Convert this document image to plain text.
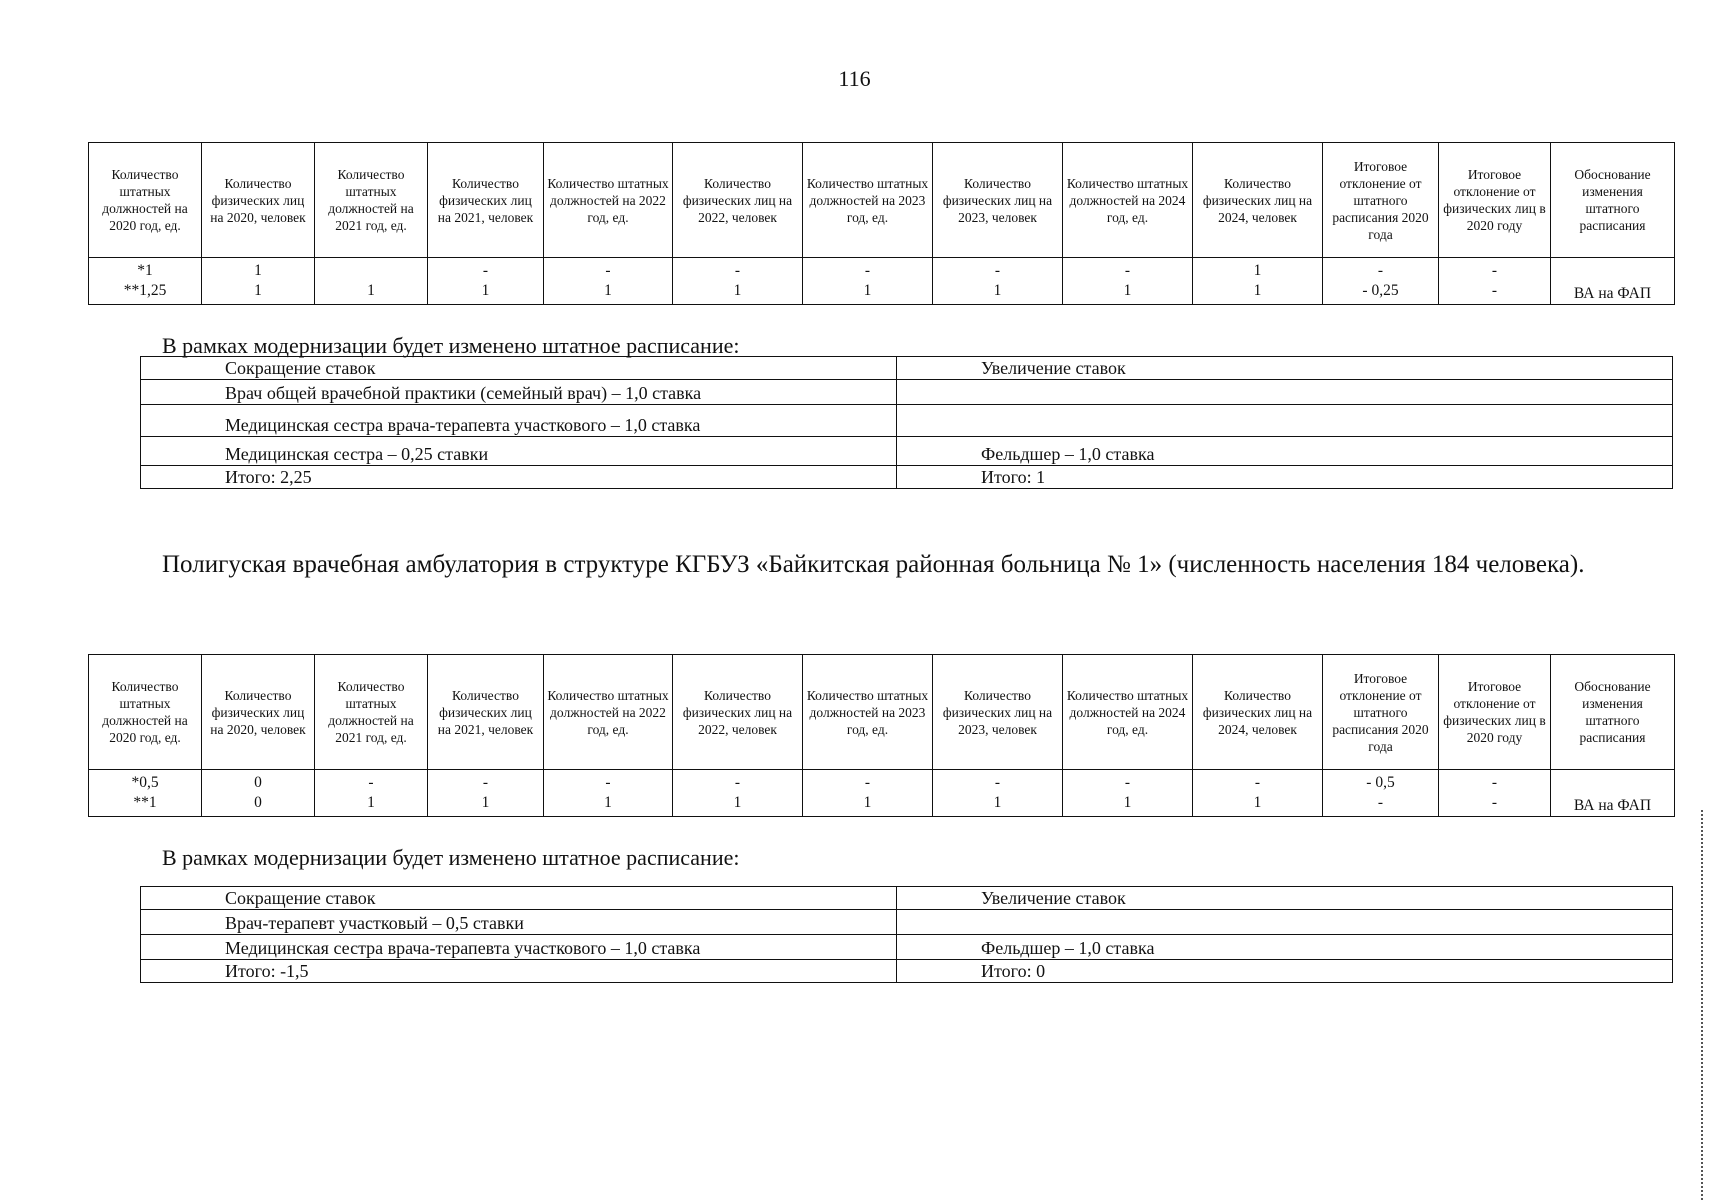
116
Количество штатных должностей на 2020 год, ед.	Количество физических лиц на 2020, человек	Количество штатных должностей на 2021 год, ед.	Количество физических лиц на 2021, человек	Количество штатных должностей на 2022 год, ед.	Количество физических лиц на 2022, человек	Количество штатных должностей на 2023 год, ед.	Количество физических лиц на 2023, человек	Количество штатных должностей на 2024 год, ед.	Количество физических лиц на 2024, человек	Итоговое отклонение от штатного расписания 2020 года	Итоговое отклонение от физических лиц в 2020 году	Обоснование изменения штатного расписания
*1	1		-	-	-	-	-	-	1	-	-	ВА на ФАП
**1,25	1	1	1	1	1	1	1	1	1	- 0,25	-	
В рамках модернизации будет изменено штатное расписание:
Сокращение ставок	Увеличение ставок
Врач общей врачебной практики (семейный врач) – 1,0 ставка	
Медицинская сестра врача-терапевта участкового – 1,0 ставка	
Медицинская сестра – 0,25 ставки	Фельдшер – 1,0 ставка
Итого: 2,25	Итого: 1
Полигуская врачебная амбулатория в структуре КГБУЗ «Байкитская районная больница № 1» (численность населения 184 человека).
Количество штатных должностей на 2020 год, ед.	Количество физических лиц на 2020, человек	Количество штатных должностей на 2021 год, ед.	Количество физических лиц на 2021, человек	Количество штатных должностей на 2022 год, ед.	Количество физических лиц на 2022, человек	Количество штатных должностей на 2023 год, ед.	Количество физических лиц на 2023, человек	Количество штатных должностей на 2024 год, ед.	Количество физических лиц на 2024, человек	Итоговое отклонение от штатного расписания 2020 года	Итоговое отклонение от физических лиц в 2020 году	Обоснование изменения штатного расписания
*0,5	0	-	-	-	-	-	-	-	-	- 0,5	-	ВА на ФАП
**1	0	1	1	1	1	1	1	1	1	-	-	
В рамках модернизации будет изменено штатное расписание:
Сокращение ставок	Увеличение ставок
Врач-терапевт участковый – 0,5 ставки	
Медицинская сестра врача-терапевта участкового – 1,0 ставка	Фельдшер – 1,0 ставка
Итого: -1,5	Итого: 0
